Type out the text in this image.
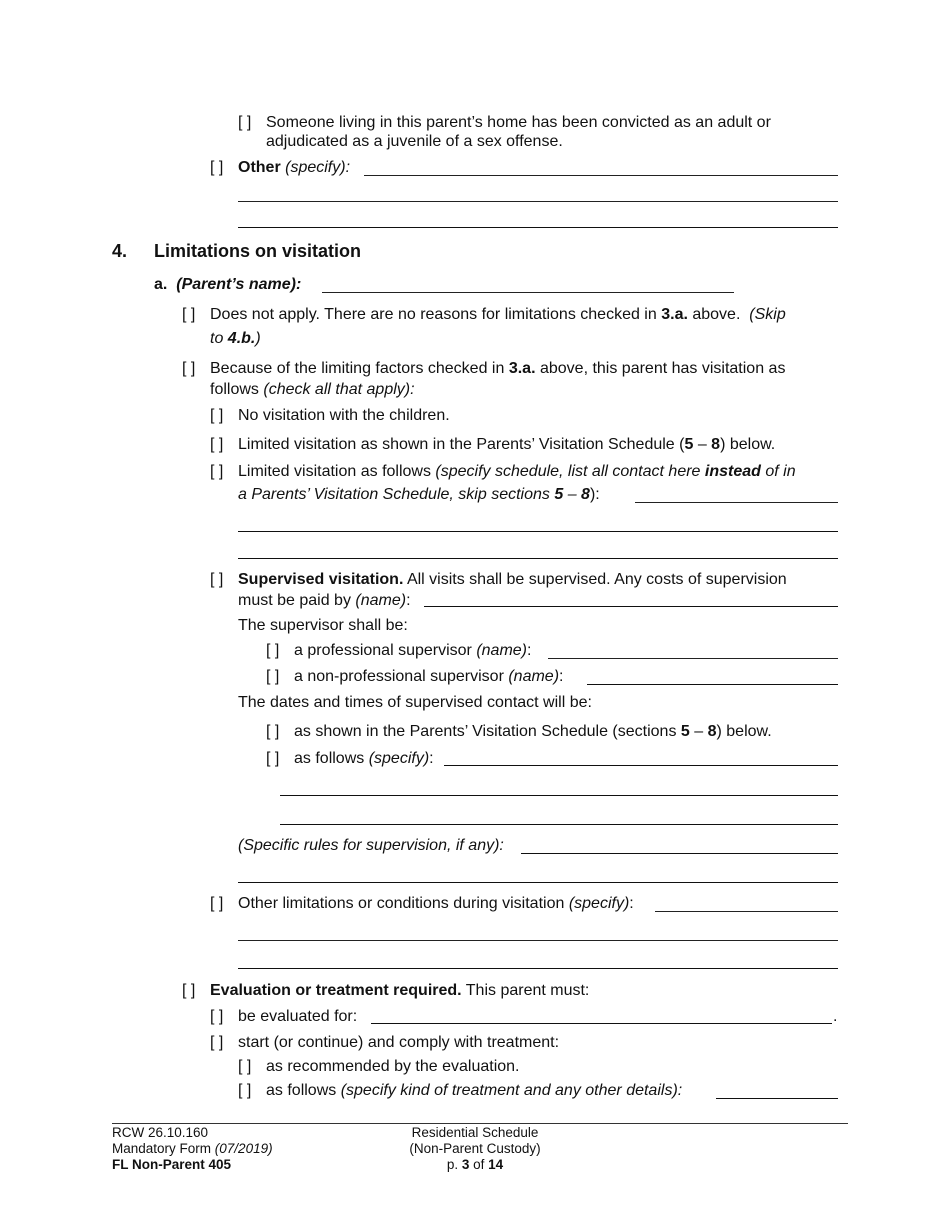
[ ] Someone living in this parent’s home has been convicted as an adult or
adjudicated as a juvenile of a sex offense.
[ ] Other (specify):
4. Limitations on visitation
a. (Parent’s name):
[ ] Does not apply. There are no reasons for limitations checked in 3.a. above. (Skip
to 4.b.)
[ ] Because of the limiting factors checked in 3.a. above, this parent has visitation as
follows (check all that apply):
[ ] No visitation with the children.
[ ] Limited visitation as shown in the Parents’ Visitation Schedule (5 – 8) below.
[ ] Limited visitation as follows (specify schedule, list all contact here instead of in
a Parents’ Visitation Schedule, skip sections 5 – 8):
[ ] Supervised visitation. All visits shall be supervised. Any costs of supervision
must be paid by (name):
The supervisor shall be:
[ ] a professional supervisor (name):
[ ] a non-professional supervisor (name):
The dates and times of supervised contact will be:
[ ] as shown in the Parents’ Visitation Schedule (sections 5 – 8) below.
[ ] as follows (specify):
(Specific rules for supervision, if any):
[ ] Other limitations or conditions during visitation (specify):
[ ] Evaluation or treatment required. This parent must:
[ ] be evaluated for:	.
[ ] start (or continue) and comply with treatment:
[ ] as recommended by the evaluation.
[ ] as follows (specify kind of treatment and any other details):
RCW 26.10.160
Mandatory Form (07/2019)
FL Non-Parent 405
Residential Schedule
(Non-Parent Custody)
p. 3 of 14
